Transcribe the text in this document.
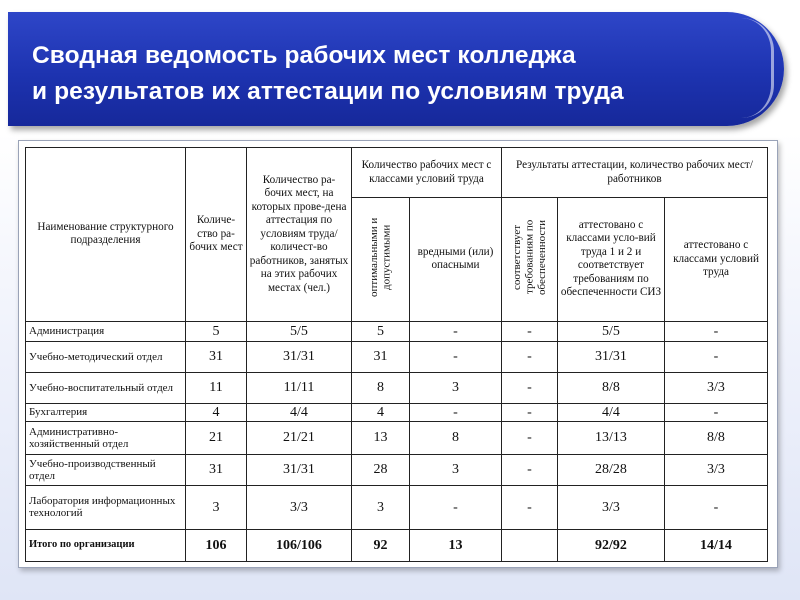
Сводная ведомость рабочих мест колледжа
и результатов их аттестации по условиям труда
Наименование структурного подразделения	Количе-ство ра-бочих мест	Количество ра-бочих мест, на которых прове-дена аттестация по условиям труда/количест-во работников, занятых на этих рабочих местах (чел.)	Количество рабочих мест с классами условий труда		Результаты аттестации, количество рабочих мест/работников		
			оптимальными и допустимыми	вредными (или) опасными	соответствует требованиям по обеспеченности	аттестовано с классами усло-вий труда 1 и 2 и соответствует требованиям по обеспеченности СИЗ	аттестовано с классами условий труда
Администрация	5	5/5	5	-	-	5/5	-
Учебно-методический отдел	31	31/31	31	-	-	31/31	-
Учебно-воспитательный отдел	11	11/11	8	3	-	8/8	3/3
Бухгалтерия	4	4/4	4	-	-	4/4	-
Административно-хозяйственный отдел	21	21/21	13	8	-	13/13	8/8
Учебно-производственный отдел	31	31/31	28	3	-	28/28	3/3
Лаборатория информационных технологий	3	3/3	3	-	-	3/3	-
Итого по организации	106	106/106	92	13		92/92	14/14
